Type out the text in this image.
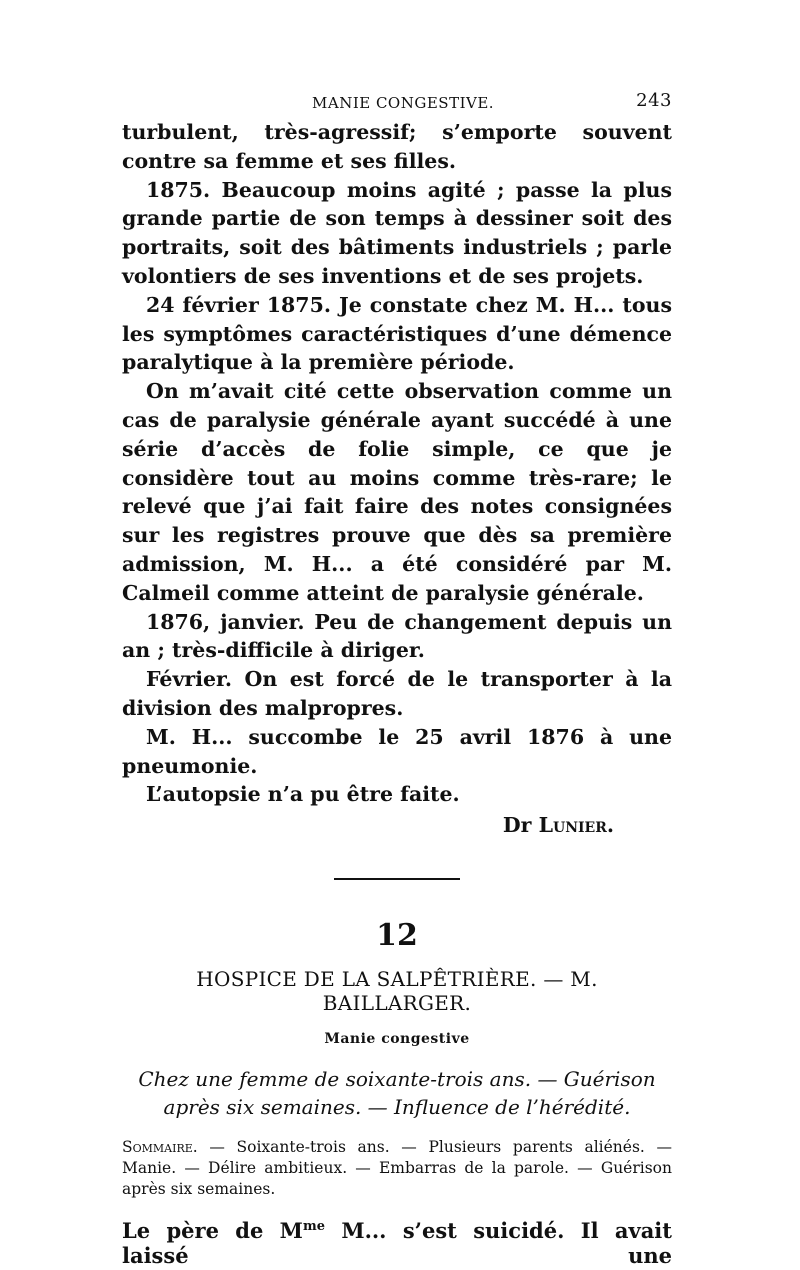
MANIE CONGESTIVE.	243

turbulent, très-agressif; s’emporte souvent contre sa femme et ses filles.

1875. Beaucoup moins agité ; passe la plus grande partie de son temps à dessiner soit des portraits, soit des bâtiments industriels ; parle volontiers de ses inventions et de ses projets.

24 février 1875. Je constate chez M. H... tous les symptômes caractéristiques d’une démence paralytique à la première période.

On m’avait cité cette observation comme un cas de paralysie générale ayant succédé à une série d’accès de folie simple, ce que je considère tout au moins comme très-rare; le relevé que j’ai fait faire des notes consignées sur les registres prouve que dès sa première admission, M. H... a été considéré par M. Calmeil comme atteint de paralysie générale.

1876, janvier. Peu de changement depuis un an ; très-difficile à diriger.

Février. On est forcé de le transporter à la division des malpropres.

M. H... succombe le 25 avril 1876 à une pneumonie.

L’autopsie n’a pu être faite.

Dr Lunier.

12
HOSPICE DE LA SALPÊTRIÈRE. — M. BAILLARGER.
Manie congestive
Chez une femme de soixante-trois ans. — Guérison après six semaines. — Influence de l’hérédité.
Sommaire. — Soixante-trois ans. — Plusieurs parents aliénés. — Manie. — Délire ambitieux. — Embarras de la parole. — Guérison après six semaines.
Le père de $M^{me}$ M... s’est suicidé. Il avait laissé une
